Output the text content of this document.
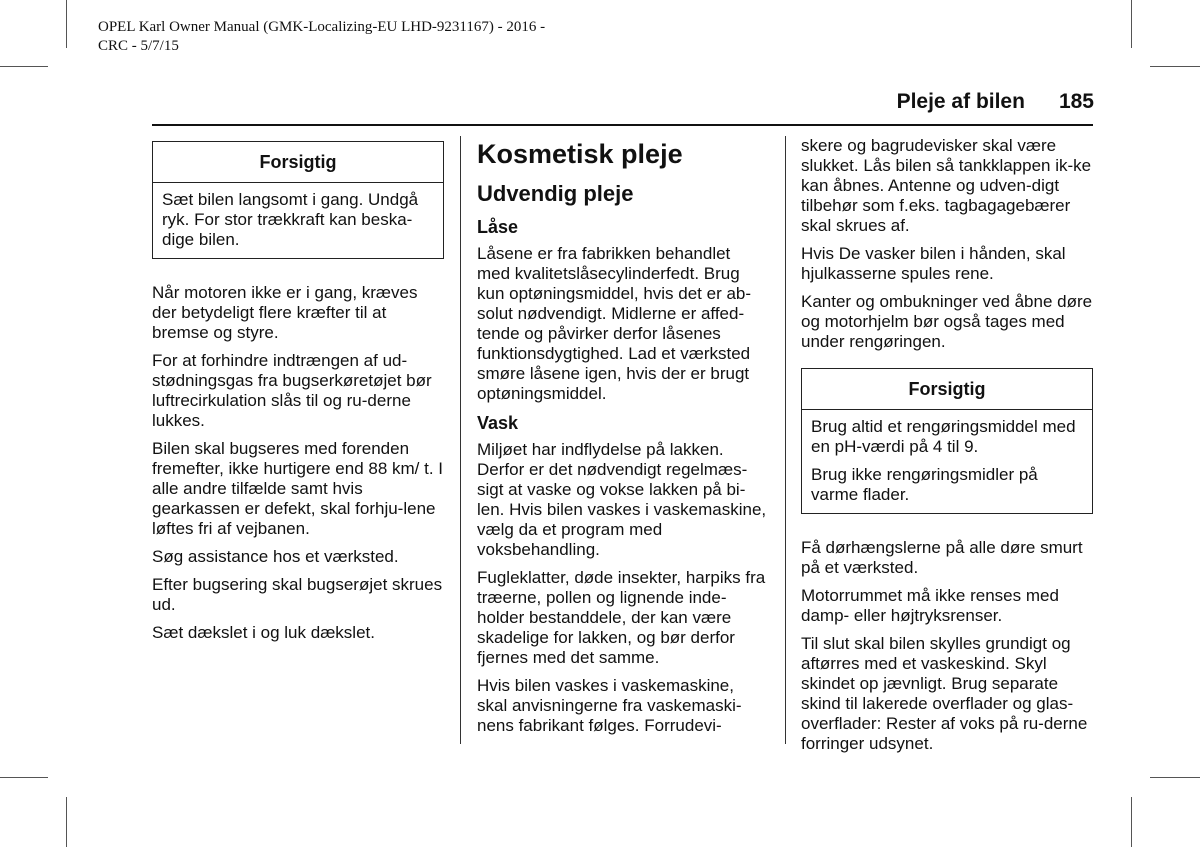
OPEL Karl Owner Manual (GMK-Localizing-EU LHD-9231167) - 2016 -
CRC - 5/7/15
Pleje af bilen 185
Forsigtig

Sæt bilen langsomt i gang. Undgå ryk. For stor trækkraft kan beska-dige bilen.

Når motoren ikke er i gang, kræves der betydeligt flere kræfter til at bremse og styre.

For at forhindre indtrængen af ud-stødningsgas fra bugserkøretøjet bør luftrecirkulation slås til og ru-derne lukkes.

Bilen skal bugseres med forenden fremefter, ikke hurtigere end 88 km/ t. I alle andre tilfælde samt hvis gearkassen er defekt, skal forhju-lene løftes fri af vejbanen.

Søg assistance hos et værksted.

Efter bugsering skal bugserøjet skrues ud.

Sæt dækslet i og luk dækslet.

Kosmetisk pleje
Udvendig pleje
Låse

Låsene er fra fabrikken behandlet med kvalitetslåsecylinderfedt. Brug kun optøningsmiddel, hvis det er ab-solut nødvendigt. Midlerne er affed-tende og påvirker derfor låsenes funktionsdygtighed. Lad et værksted smøre låsene igen, hvis der er brugt optøningsmiddel.

Vask

Miljøet har indflydelse på lakken. Derfor er det nødvendigt regelmæs-sigt at vaske og vokse lakken på bi-len. Hvis bilen vaskes i vaskemaskine, vælg da et program med voksbehandling.

Fugleklatter, døde insekter, harpiks fra træerne, pollen og lignende inde-holder bestanddele, der kan være skadelige for lakken, og bør derfor fjernes med det samme.

Hvis bilen vaskes i vaskemaskine, skal anvisningerne fra vaskemaski-nens fabrikant følges. Forrudevi-

skere og bagrudevisker skal være slukket. Lås bilen så tankklappen ik-ke kan åbnes. Antenne og udven-digt tilbehør som f.eks. tagbagagebærer skal skrues af.

Hvis De vasker bilen i hånden, skal hjulkasserne spules rene.

Kanter og ombukninger ved åbne døre og motorhjelm bør også tages med under rengøringen.

Forsigtig

Brug altid et rengøringsmiddel med en pH-værdi på 4 til 9.

Brug ikke rengøringsmidler på varme flader.

Få dørhængslerne på alle døre smurt på et værksted.

Motorrummet må ikke renses med damp- eller højtryksrenser.

Til slut skal bilen skylles grundigt og aftørres med et vaskeskind. Skyl skindet op jævnligt. Brug separate skind til lakerede overflader og glas-overflader: Rester af voks på ru-derne forringer udsynet.
